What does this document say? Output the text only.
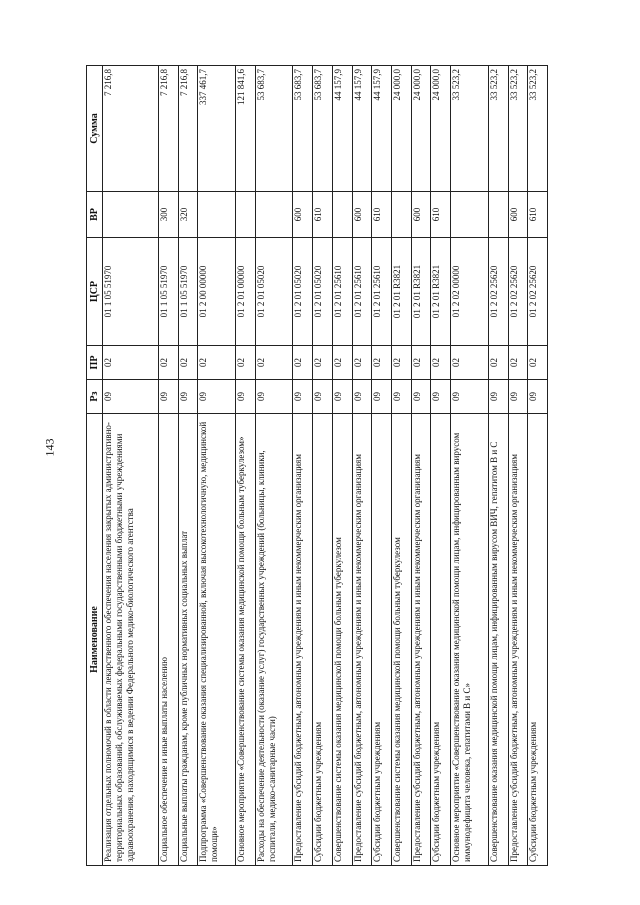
143
Наименование	Рз	ПР	ЦСР	ВР	Сумма
Реализация отдельных полномочий в области лекарственного обеспечения населения закрытых административно-территориальных образований, обслуживаемых федеральными государственными бюджетными учреждениями здравоохранения, находящимися в ведении Федерального медико-биологического агентства	09	02	01 1 05 51970		7 216,8
Социальное обеспечение и иные выплаты населению	09	02	01 1 05 51970	300	7 216,8
Социальные выплаты гражданам, кроме публичных нормативных социальных выплат	09	02	01 1 05 51970	320	7 216,8
Подпрограмма «Совершенствование оказания специализированной, включая высокотехнологичную, медицинской помощи»	09	02	01 2 00 00000		337 461,7
Основное мероприятие «Совершенствование системы оказания медицинской помощи больным туберкулезом»	09	02	01 2 01 00000		121 841,6
Расходы на обеспечение деятельности (оказание услуг) государственных учреждений (больницы, клиники, госпитали, медико-санитарные части)	09	02	01 2 01 05020		53 683,7
Предоставление субсидий бюджетным, автономным учреждениям и иным некоммерческим организациям	09	02	01 2 01 05020	600	53 683,7
Субсидии бюджетным учреждениям	09	02	01 2 01 05020	610	53 683,7
Совершенствование системы оказания медицинской помощи больным туберкулезом	09	02	01 2 01 25610		44 157,9
Предоставление субсидий бюджетным, автономным учреждениям и иным некоммерческим организациям	09	02	01 2 01 25610	600	44 157,9
Субсидии бюджетным учреждениям	09	02	01 2 01 25610	610	44 157,9
Совершенствование системы оказания медицинской помощи больным туберкулезом	09	02	01 2 01 R3821		24 000,0
Предоставление субсидий бюджетным, автономным учреждениям и иным некоммерческим организациям	09	02	01 2 01 R3821	600	24 000,0
Субсидии бюджетным учреждениям	09	02	01 2 01 R3821	610	24 000,0
Основное мероприятие «Совершенствование оказания медицинской помощи лицам, инфицированным вирусом иммунодефицита человека, гепатитами B и C»	09	02	01 2 02 00000		33 523,2
Совершенствование оказания медицинской помощи лицам, инфицированным вирусом ВИЧ, гепатитом B и C	09	02	01 2 02 25620		33 523,2
Предоставление субсидий бюджетным, автономным учреждениям и иным некоммерческим организациям	09	02	01 2 02 25620	600	33 523,2
Субсидии бюджетным учреждениям	09	02	01 2 02 25620	610	33 523,2
